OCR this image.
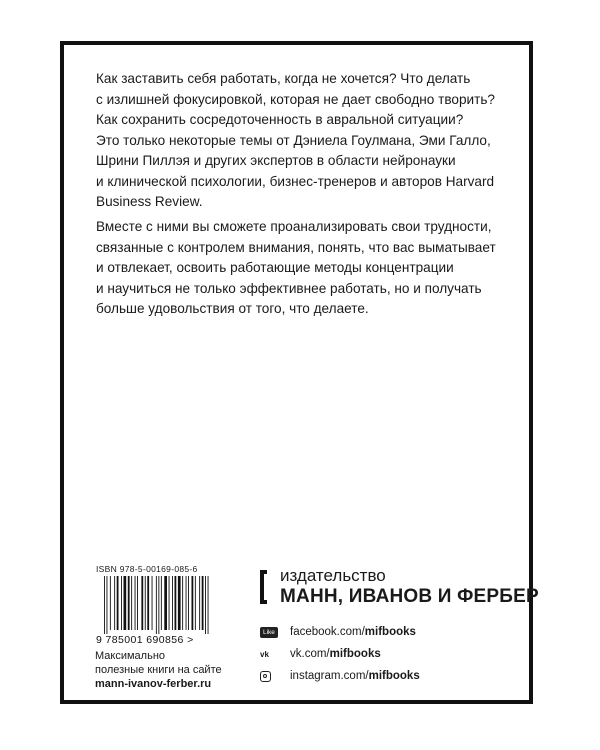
Как заставить себя работать, когда не хочется? Что делать
с излишней фокусировкой, которая не дает свободно творить?
Как сохранить сосредоточенность в авральной ситуации?
Это только некоторые темы от Дэниела Гоулмана, Эми Галло,
Шрини Пиллэя и других экспертов в области нейронауки
и клинической психологии, бизнес-тренеров и авторов Harvard
Business Review.
Вместе с ними вы сможете проанализировать свои трудности,
связанные с контролем внимания, понять, что вас выматывает
и отвлекает, освоить работающие методы концентрации
и научиться не только эффективнее работать, но и получать
больше удовольствия от того, что делаете.
ISBN 978-5-00169-085-6
9 785001 690856 >
Максимально
полезные книги на сайте
mann-ivanov-ferber.ru
издательство
МАНН, ИВАНОВ И ФЕРБЕР
Like facebook.com/ mifbooks
vk vk.com/ mifbooks
instagram.com/ mifbooks
